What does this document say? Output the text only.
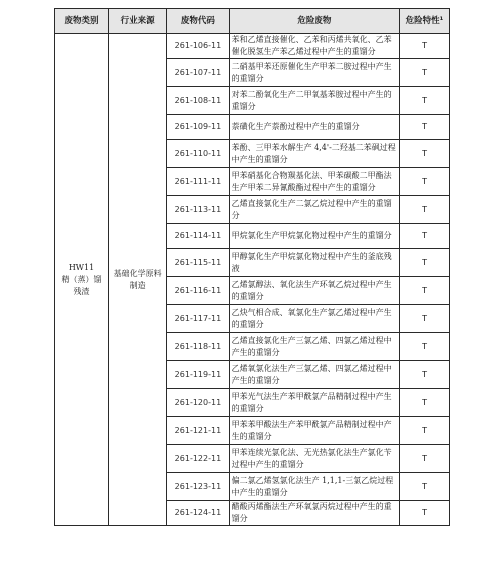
废物类别	行业来源	废物代码	危险废物	危险特性¹
HW11
精（蒸）馏
残渣	基础化学原料
制造	261-106-11	苯和乙烯直接催化、乙苯和丙烯共氧化、乙苯催化脱氢生产苯乙烯过程中产生的重馏分	T
		261-107-11	二硝基甲苯还原催化生产甲苯二胺过程中产生的重馏分	T
		261-108-11	对苯二酚氧化生产二甲氧基苯胺过程中产生的重馏分	T
		261-109-11	萘磺化生产萘酚过程中产生的重馏分	T
		261-110-11	苯酚、三甲苯水解生产 4,4'-二羟基二苯砜过程中产生的重馏分	T
		261-111-11	甲苯硝基化合物羰基化法、甲苯碳酸二甲酯法生产甲苯二异氰酸酯过程中产生的重馏分	T
		261-113-11	乙烯直接氯化生产二氯乙烷过程中产生的重馏分	T
		261-114-11	甲烷氯化生产甲烷氯化物过程中产生的重馏分	T
		261-115-11	甲醇氯化生产甲烷氯化物过程中产生的釜底残液	T
		261-116-11	乙烯氯醇法、氧化法生产环氧乙烷过程中产生的重馏分	T
		261-117-11	乙炔气相合成、氧氯化生产氯乙烯过程中产生的重馏分	T
		261-118-11	乙烯直接氯化生产三氯乙烯、四氯乙烯过程中产生的重馏分	T
		261-119-11	乙烯氧氯化法生产三氯乙烯、四氯乙烯过程中产生的重馏分	T
		261-120-11	甲苯光气法生产苯甲酰氯产品精制过程中产生的重馏分	T
		261-121-11	甲苯苯甲酸法生产苯甲酰氯产品精制过程中产生的重馏分	T
		261-122-11	甲苯连续光氯化法、无光热氯化法生产氯化苄过程中产生的重馏分	T
		261-123-11	偏二氯乙烯氢氯化法生产 1,1,1-三氯乙烷过程中产生的重馏分	T
		261-124-11	醋酸丙烯酯法生产环氧氯丙烷过程中产生的重馏分	T
